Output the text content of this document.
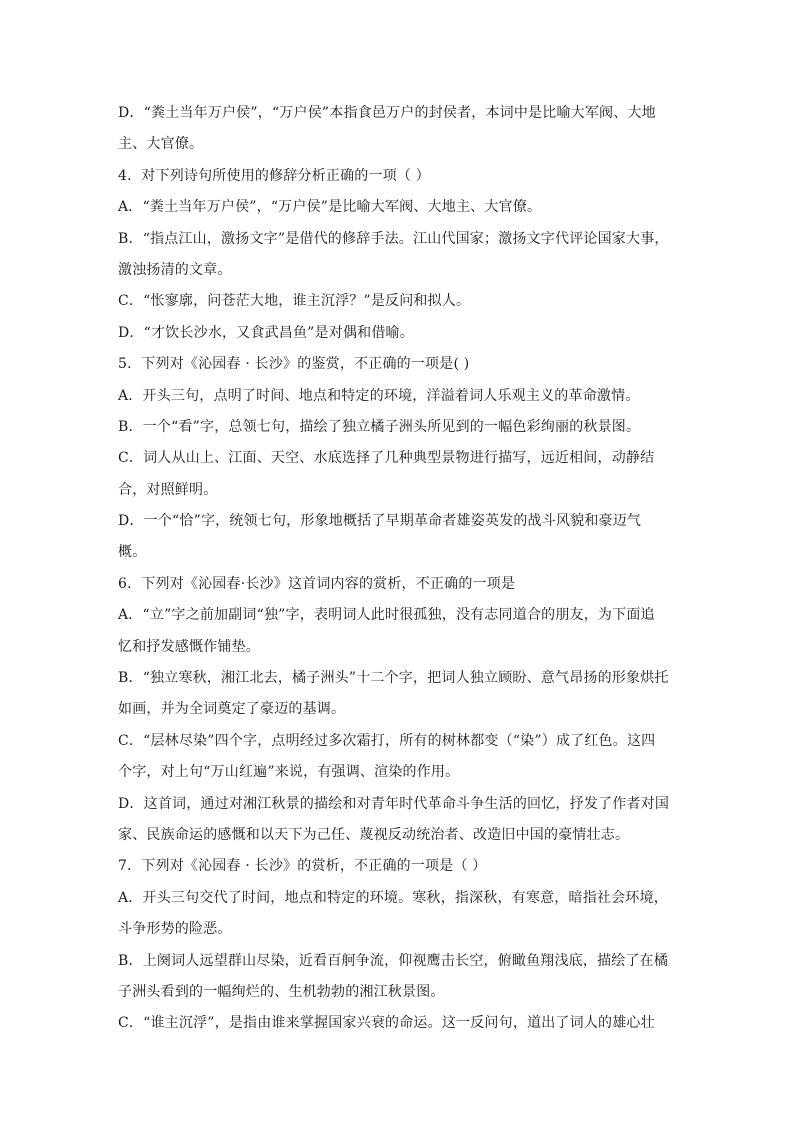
D．“粪土当年万户侯”，“万户侯”本指食邑万户的封侯者，本词中是比喻大军阀、大地
主、大官僚。
4．对下列诗句所使用的修辞分析正确的一项（ ）
A．“粪土当年万户侯”，“万户侯”是比喻大军阀、大地主、大官僚。
B．“指点江山，激扬文字”是借代的修辞手法。江山代国家；激扬文字代评论国家大事，
激浊扬清的文章。
C．“怅寥廓，问苍茫大地，谁主沉浮？”是反问和拟人。
D．“才饮长沙水，又食武昌鱼”是对偶和借喻。
5．下列对《沁园春 · 长沙》的鉴赏，不正确的一项是( )
A．开头三句，点明了时间、地点和特定的环境，洋溢着词人乐观主义的革命激情。
B．一个“看”字，总领七句，描绘了独立橘子洲头所见到的一幅色彩绚丽的秋景图。
C．词人从山上、江面、天空、水底选择了几种典型景物进行描写，远近相间，动静结
合，对照鲜明。
D．一个“恰”字，统领七句，形象地概括了早期革命者雄姿英发的战斗风貌和豪迈气
概。
6．下列对《沁园春·长沙》这首词内容的赏析，不正确的一项是
A．“立”字之前加副词“独”字，表明词人此时很孤独，没有志同道合的朋友，为下面追
忆和抒发感慨作铺垫。
B．“独立寒秋，湘江北去，橘子洲头”十二个字，把词人独立顾盼、意气昂扬的形象烘托
如画，并为全词奠定了豪迈的基调。
C．“层林尽染”四个字，点明经过多次霜打，所有的树林都变（“染”）成了红色。这四
个字，对上句“万山红遍”来说，有强调、渲染的作用。
D．这首词，通过对湘江秋景的描绘和对青年时代革命斗争生活的回忆，抒发了作者对国
家、民族命运的感慨和以天下为己任、蔑视反动统治者、改造旧中国的豪情壮志。
7．下列对《沁园春 · 长沙》的赏析，不正确的一项是（ ）
A．开头三句交代了时间，地点和特定的环境。寒秋，指深秋，有寒意，暗指社会环境，
斗争形势的险恶。
B．上阕词人远望群山尽染，近看百舸争流，仰视鹰击长空，俯瞰鱼翔浅底，描绘了在橘
子洲头看到的一幅绚烂的、生机勃勃的湘江秋景图。
C．“谁主沉浮”，是指由谁来掌握国家兴衰的命运。这一反问句，道出了词人的雄心壮
